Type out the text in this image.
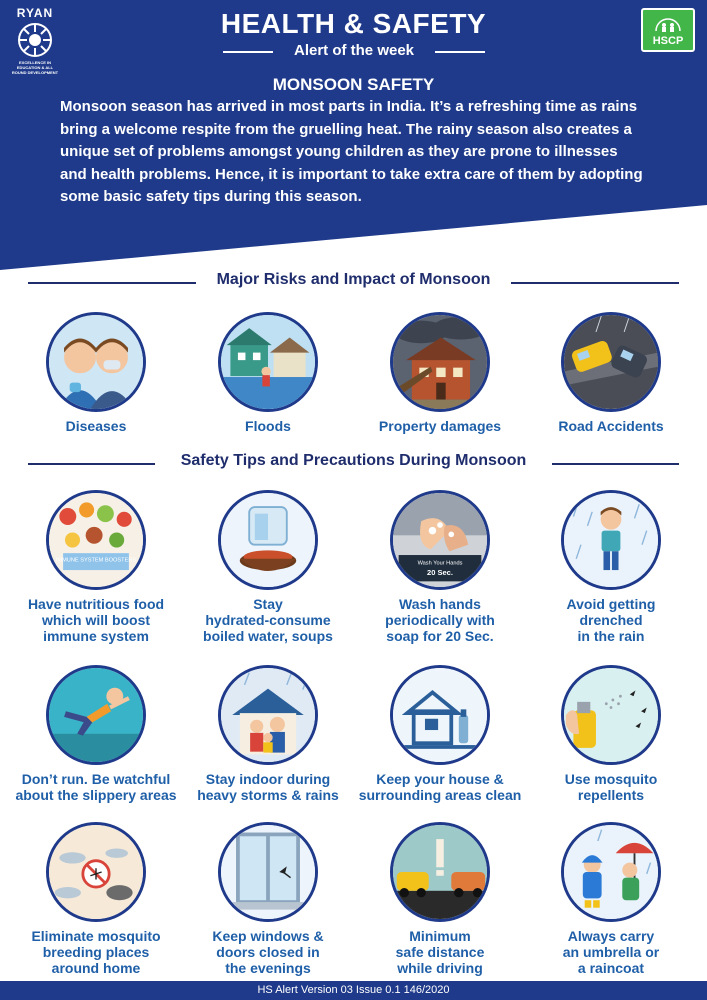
RYAN
EXCELLENCE IN EDUCATION & ALL ROUND DEVELOPMENT
HSCP
HEALTH & SAFETY
Alert of the week
MONSOON SAFETY
Monsoon season has arrived in most parts in India. It’s a refreshing time as rains bring a welcome respite from the gruelling heat. The rainy season also creates a unique set of problems amongst young children as they are prone to illnesses and health problems. Hence, it is important to take extra care of them by adopting some basic safety tips during this season.
Major Risks and Impact of Monsoon
Diseases	Floods	Property damages	Road Accidents
Safety Tips and Precautions During Monsoon
IMMUNE SYSTEM BOOSTERS
Have nutritious food
which will boost
immune system
Stay
hydrated-consume
boiled water, soups
Wash Your Hands
20 Sec.
Wash hands
periodically with
soap for 20 Sec.
Avoid getting
drenched
in the rain
Don’t run. Be watchful
about the slippery areas
Stay indoor during
heavy storms & rains
Keep your house &
surrounding areas clean
Use mosquito
repellents
Eliminate mosquito
breeding places
around home
Keep windows &
doors closed in
the evenings
Minimum
safe distance
while driving
Always carry
an umbrella or
a raincoat
HS Alert Version 03 Issue 0.1 146/2020
